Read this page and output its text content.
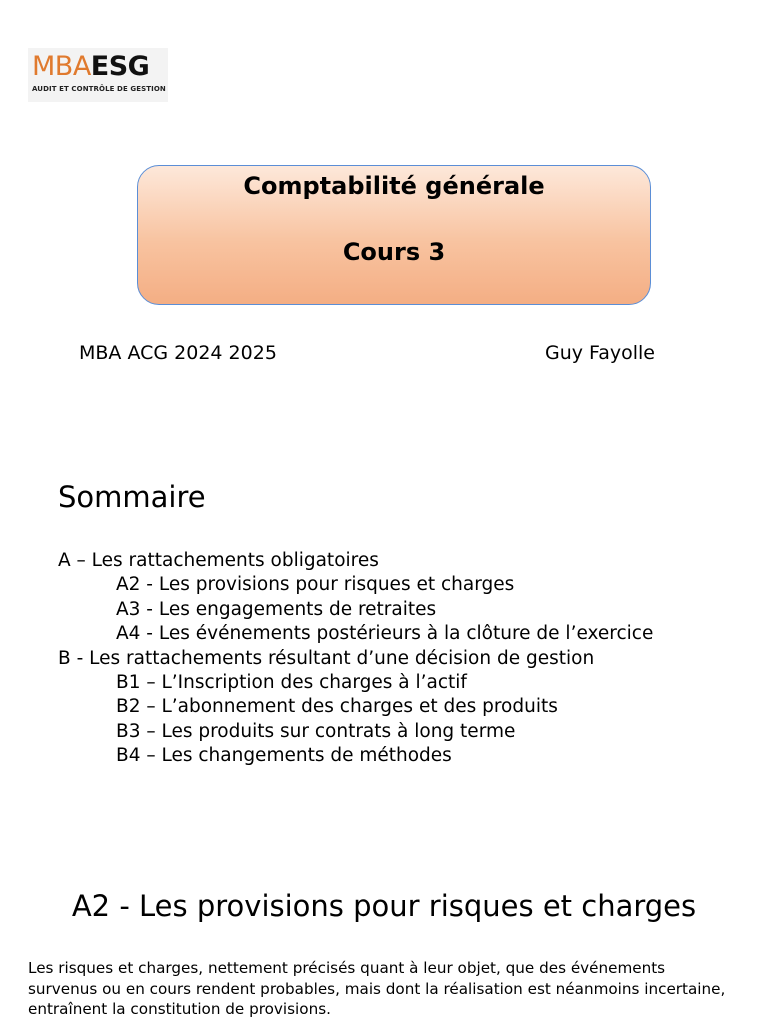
MBAESG
AUDIT ET CONTRÔLE DE GESTION
Comptabilité générale
Cours 3
MBA ACG 2024 2025	Guy Fayolle
Sommaire
A – Les rattachements obligatoires
A2 - Les provisions pour risques et charges
A3 - Les engagements de retraites
A4 - Les événements postérieurs à la clôture de l’exercice
B - Les rattachements résultant d’une décision de gestion
B1 – L’Inscription des charges à l’actif
B2 – L’abonnement des charges et des produits
B3 – Les produits sur contrats à long terme
B4 – Les changements de méthodes
A2 - Les provisions pour risques et charges

Les risques et charges, nettement précisés quant à leur objet, que des événements survenus ou en cours rendent probables, mais dont la réalisation est néanmoins incertaine, entraînent la constitution de provisions.
